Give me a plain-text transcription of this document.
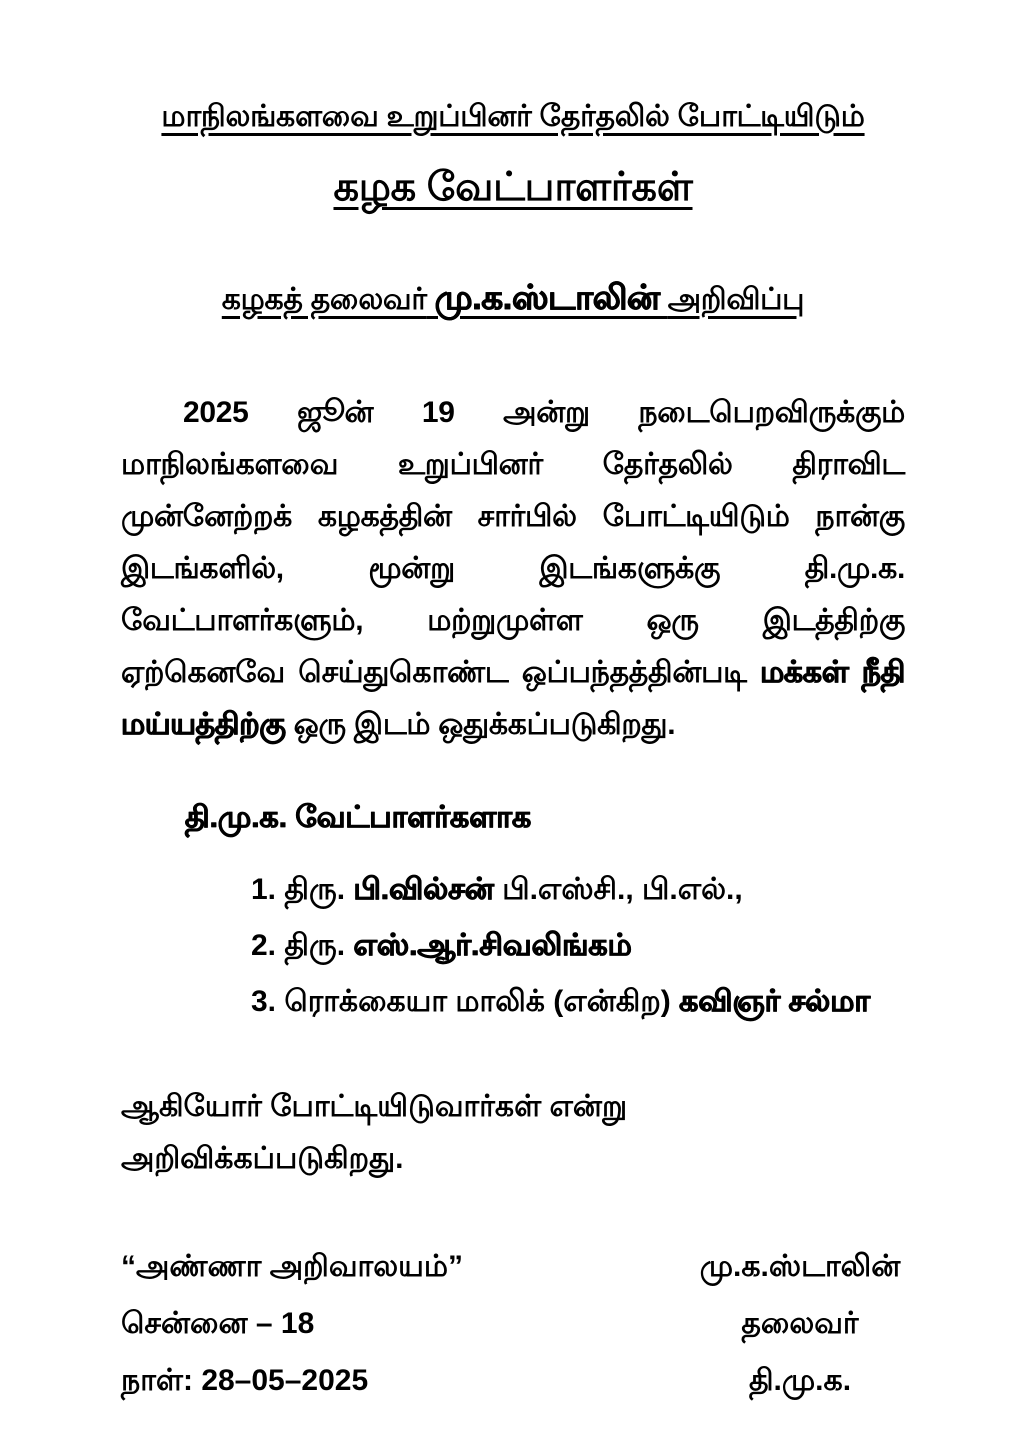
மாநிலங்களவை உறுப்பினர் தேர்தலில் போட்டியிடும்
கழக வேட்பாளர்கள்
கழகத் தலைவர் மு.க.ஸ்டாலின் அறிவிப்பு

2025 ஜூன் 19 அன்று நடைபெறவிருக்கும் மாநிலங்களவை உறுப்பினர் தேர்தலில் திராவிட முன்னேற்றக் கழகத்தின் சார்பில் போட்டியிடும் நான்கு இடங்களில், மூன்று இடங்களுக்கு தி.மு.க. வேட்பாளர்களும், மற்றுமுள்ள ஒரு இடத்திற்கு ஏற்கெனவே செய்துகொண்ட ஒப்பந்தத்தின்படி மக்கள் நீதி மய்யத்திற்கு ஒரு இடம் ஒதுக்கப்படுகிறது.

தி.மு.க. வேட்பாளர்களாக
1. திரு. பி.வில்சன் பி.எஸ்சி., பி.எல்.,
2. திரு. எஸ்.ஆர்.சிவலிங்கம்
3. ரொக்கையா மாலிக் (என்கிற) கவிஞர் சல்மா
ஆகியோர் போட்டியிடுவார்கள் என்று அறிவிக்கப்படுகிறது.
“அண்ணா அறிவாலயம்”	மு.க.ஸ்டாலின்
சென்னை – 18	தலைவர்
நாள்: 28–05–2025	தி.மு.க.
